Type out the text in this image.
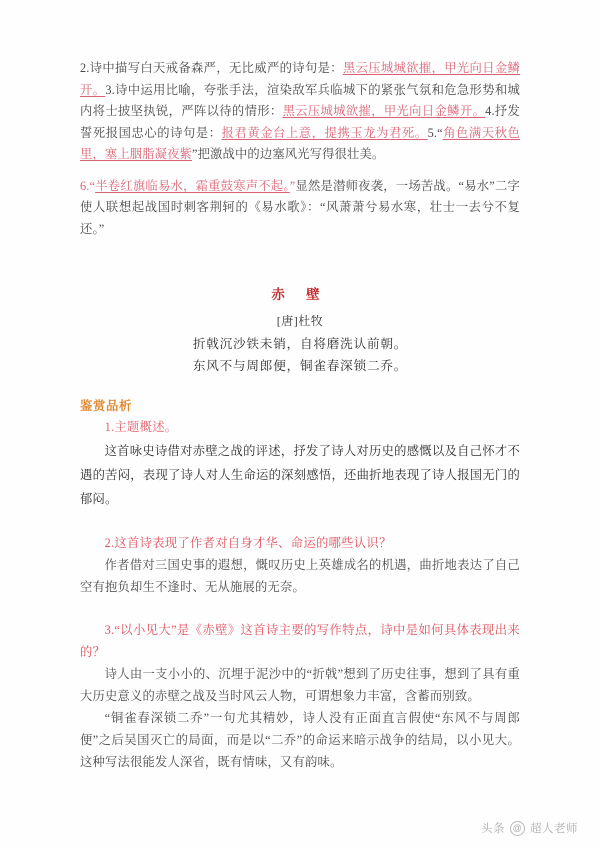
2.诗中描写白天戒备森严，无比威严的诗句是：黑云压城城欲摧，甲光向日金鳞开。3.诗中运用比喻，夸张手法，渲染敌军兵临城下的紧张气氛和危急形势和城内将士披坚执锐，严阵以待的情形：黑云压城城欲摧，甲光向日金鳞开。4.抒发誓死报国忠心的诗句是：报君黄金台上意，提携玉龙为君死。5.“角色满天秋色里，塞上胭脂凝夜紫”把激战中的边塞风光写得很壮美。

6.“半卷红旗临易水，霜重鼓寒声不起。”显然是潜师夜袭，一场苦战。“易水”二字使人联想起战国时刺客荆轲的《易水歌》：“风萧萧兮易水寒，壮士一去兮不复还。”

赤 壁
[唐]杜牧
折戟沉沙铁未销，自将磨洗认前朝。
东风不与周郎便，铜雀春深锁二乔。
鉴赏品析

1.主题概述。

这首咏史诗借对赤壁之战的评述，抒发了诗人对历史的感慨以及自己怀才不遇的苦闷，表现了诗人对人生命运的深刻感悟，还曲折地表现了诗人报国无门的郁闷。

2.这首诗表现了作者对自身才华、命运的哪些认识？

作者借对三国史事的遐想，慨叹历史上英雄成名的机遇，曲折地表达了自己空有抱负却生不逢时、无从施展的无奈。

3.“以小见大”是《赤壁》这首诗主要的写作特点，诗中是如何具体表现出来的？

诗人由一支小小的、沉埋于泥沙中的“折戟”想到了历史往事，想到了具有重大历史意义的赤壁之战及当时风云人物，可谓想象力丰富，含蓄而别致。

“铜雀春深锁二乔”一句尤其精妙，诗人没有正面直言假使“东风不与周郎便”之后吴国灭亡的局面，而是以“二乔”的命运来暗示战争的结局，以小见大。这种写法很能发人深省，既有情味，又有韵味。

头条 @ 超人老师
